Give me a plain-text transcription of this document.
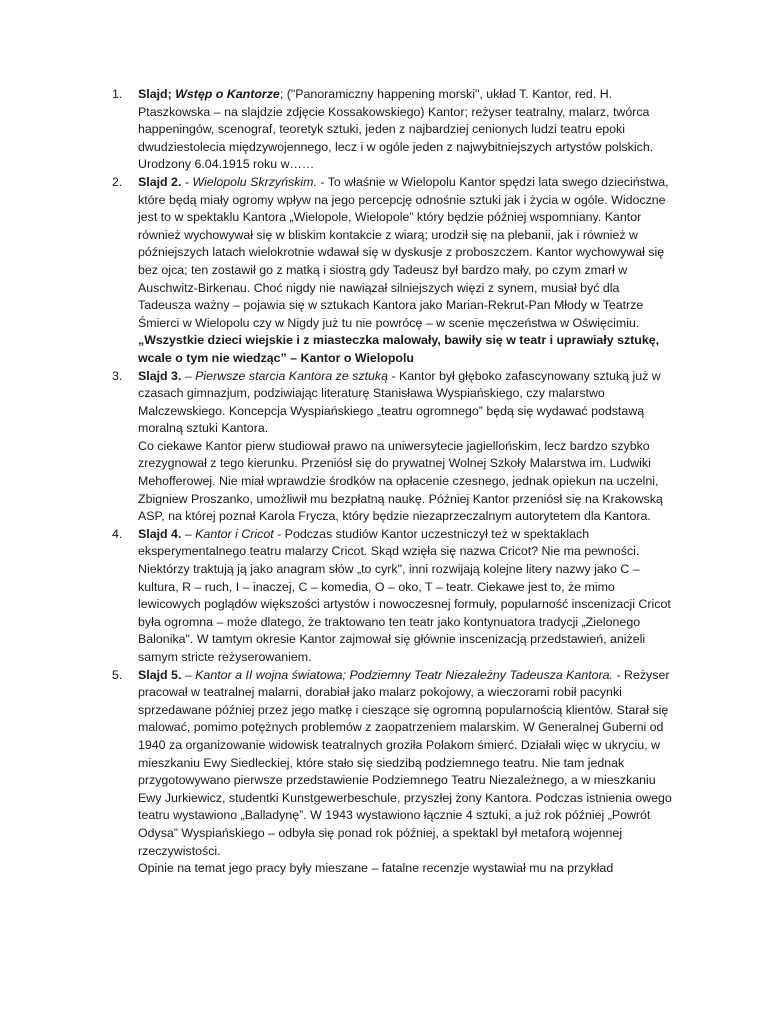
1. Slajd; Wstęp o Kantorze; ("Panoramiczny happening morski", układ T. Kantor, red. H. Ptaszkowska – na slajdzie zdjęcie Kossakowskiego) Kantor; reżyser teatralny, malarz, twórca happeningów, scenograf, teoretyk sztuki, jeden z najbardziej cenionych ludzi teatru epoki dwudziestolecia międzywojennego, lecz i w ogóle jeden z najwybitniejszych artystów polskich. Urodzony 6.04.1915 roku w……

2. Slajd 2. - Wielopolu Skrzyńskim. - To właśnie w Wielopolu Kantor spędzi lata swego dzieciństwa, które będą miały ogromy wpływ na jego percepcję odnośnie sztuki jak i życia w ogóle. Widoczne jest to w spektaklu Kantora „Wielopole, Wielopole” który będzie później wspomniany. Kantor również wychowywał się w bliskim kontakcie z wiarą; urodził się na plebanii, jak i również w późniejszych latach wielokrotnie wdawał się w dyskusje z proboszczem. Kantor wychowywał się bez ojca; ten zostawił go z matką i siostrą gdy Tadeusz był bardzo mały, po czym zmarł w Auschwitz-Birkenau. Choć nigdy nie nawiązał silniejszych więzi z synem, musiał być dla Tadeusza ważny – pojawia się w sztukach Kantora jako Marian-Rekrut-Pan Młody w Teatrze Śmierci w Wielopolu czy w Nigdy już tu nie powrócę – w scenie męczeństwa w Oświęcimiu.

„Wszystkie dzieci wiejskie i z miasteczka malowały, bawiły się w teatr i uprawiały sztukę, wcale o tym nie wiedząc” – Kantor o Wielopolu

3. Slajd 3. – Pierwsze starcia Kantora ze sztuką - Kantor był głęboko zafascynowany sztuką już w czasach gimnazjum, podziwiając literaturę Stanisława Wyspiańskiego, czy malarstwo Malczewskiego. Koncepcja Wyspiańskiego „teatru ogromnego” będą się wydawać podstawą moralną sztuki Kantora.

Co ciekawe Kantor pierw studiował prawo na uniwersytecie jagiellońskim, lecz bardzo szybko zrezygnował z tego kierunku. Przeniósł się do prywatnej Wolnej Szkoły Malarstwa im. Ludwiki Mehofferowej. Nie miał wprawdzie środków na opłacenie czesnego, jednak opiekun na uczelni, Zbigniew Proszanko, umożliwił mu bezpłatną naukę. Później Kantor przeniósł się na Krakowską ASP, na której poznał Karola Frycza, który będzie niezaprzeczalnym autorytetem dla Kantora.

4. Slajd 4. – Kantor i Cricot - Podczas studiów Kantor uczestniczył też w spektaklach eksperymentalnego teatru malarzy Cricot. Skąd wzięła się nazwa Cricot? Nie ma pewności. Niektórzy traktują ją jako anagram słów „to cyrk", inni rozwijają kolejne litery nazwy jako C – kultura, R – ruch, I – inaczej, C – komedia, O – oko, T – teatr. Ciekawe jest to, że mimo lewicowych poglądów większości artystów i nowoczesnej formuły, popularność inscenizacji Cricot była ogromna – może dlatego, że traktowano ten teatr jako kontynuatora tradycji „Zielonego Balonika". W tamtym okresie Kantor zajmował się głównie inscenizacją przedstawień, aniżeli samym stricte reżyserowaniem.

5. Slajd 5. – Kantor a II wojna światowa; Podziemny Teatr Niezależny Tadeusza Kantora. - Reżyser pracował w teatralnej malarni, dorabiał jako malarz pokojowy, a wieczorami robił pacynki sprzedawane później przez jego matkę i cieszące się ogromną popularnością klientów. Starał się malować, pomimo potężnych problemów z zaopatrzeniem malarskim. W Generalnej Guberni od 1940 za organizowanie widowisk teatralnych groziła Polakom śmierć. Działali więc w ukryciu, w mieszkaniu Ewy Siedleckiej, które stało się siedzibą podziemnego teatru. Nie tam jednak przygotowywano pierwsze przedstawienie Podziemnego Teatru Niezależnego, a w mieszkaniu Ewy Jurkiewicz, studentki Kunstgewerbeschule, przyszłej żony Kantora. Podczas istnienia owego teatru wystawiono „Balladynę”. W 1943 wystawiono łącznie 4 sztuki, a już rok później „Powrót Odysa” Wyspiańskiego – odbyła się ponad rok później, a spektakl był metaforą wojennej rzeczywistości.

Opinie na temat jego pracy były mieszane – fatalne recenzje wystawiał mu na przykład
